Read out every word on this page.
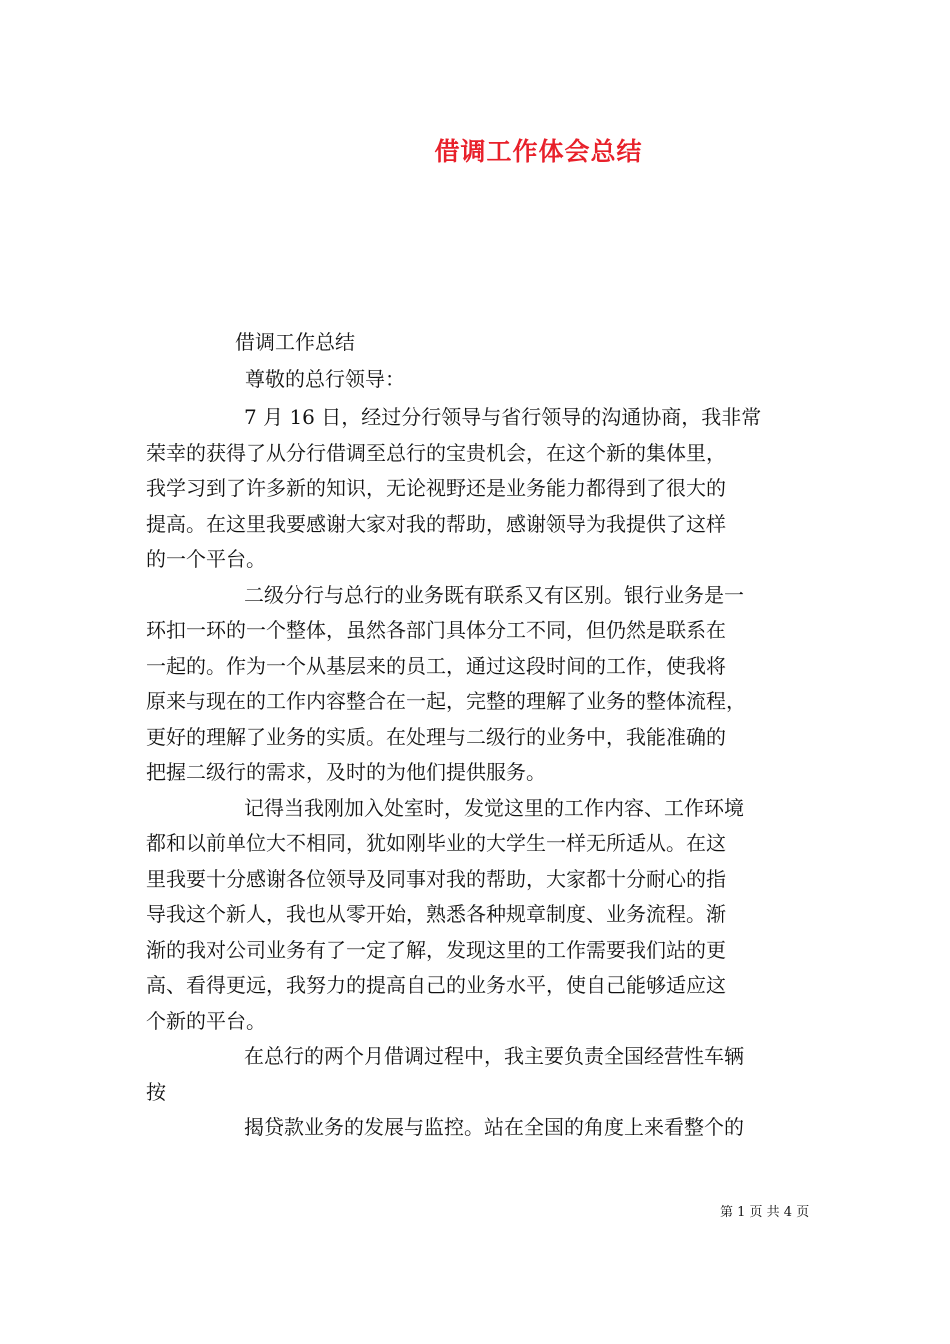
借调工作体会总结
借调工作总结
尊敬的总行领导：
7 月 16 日，经过分行领导与省行领导的沟通协商，我非常
荣幸的获得了从分行借调至总行的宝贵机会，在这个新的集体里，
我学习到了许多新的知识，无论视野还是业务能力都得到了很大的
提高。在这里我要感谢大家对我的帮助，感谢领导为我提供了这样
的一个平台。
二级分行与总行的业务既有联系又有区别。银行业务是一
环扣一环的一个整体，虽然各部门具体分工不同，但仍然是联系在
一起的。作为一个从基层来的员工，通过这段时间的工作，使我将
原来与现在的工作内容整合在一起，完整的理解了业务的整体流程，
更好的理解了业务的实质。在处理与二级行的业务中，我能准确的
把握二级行的需求，及时的为他们提供服务。
记得当我刚加入处室时，发觉这里的工作内容、工作环境
都和以前单位大不相同，犹如刚毕业的大学生一样无所适从。在这
里我要十分感谢各位领导及同事对我的帮助，大家都十分耐心的指
导我这个新人，我也从零开始，熟悉各种规章制度、业务流程。渐
渐的我对公司业务有了一定了解，发现这里的工作需要我们站的更
高、看得更远，我努力的提高自己的业务水平，使自己能够适应这
个新的平台。
在总行的两个月借调过程中，我主要负责全国经营性车辆
按
揭贷款业务的发展与监控。站在全国的角度上来看整个的
第 1 页 共 4 页
